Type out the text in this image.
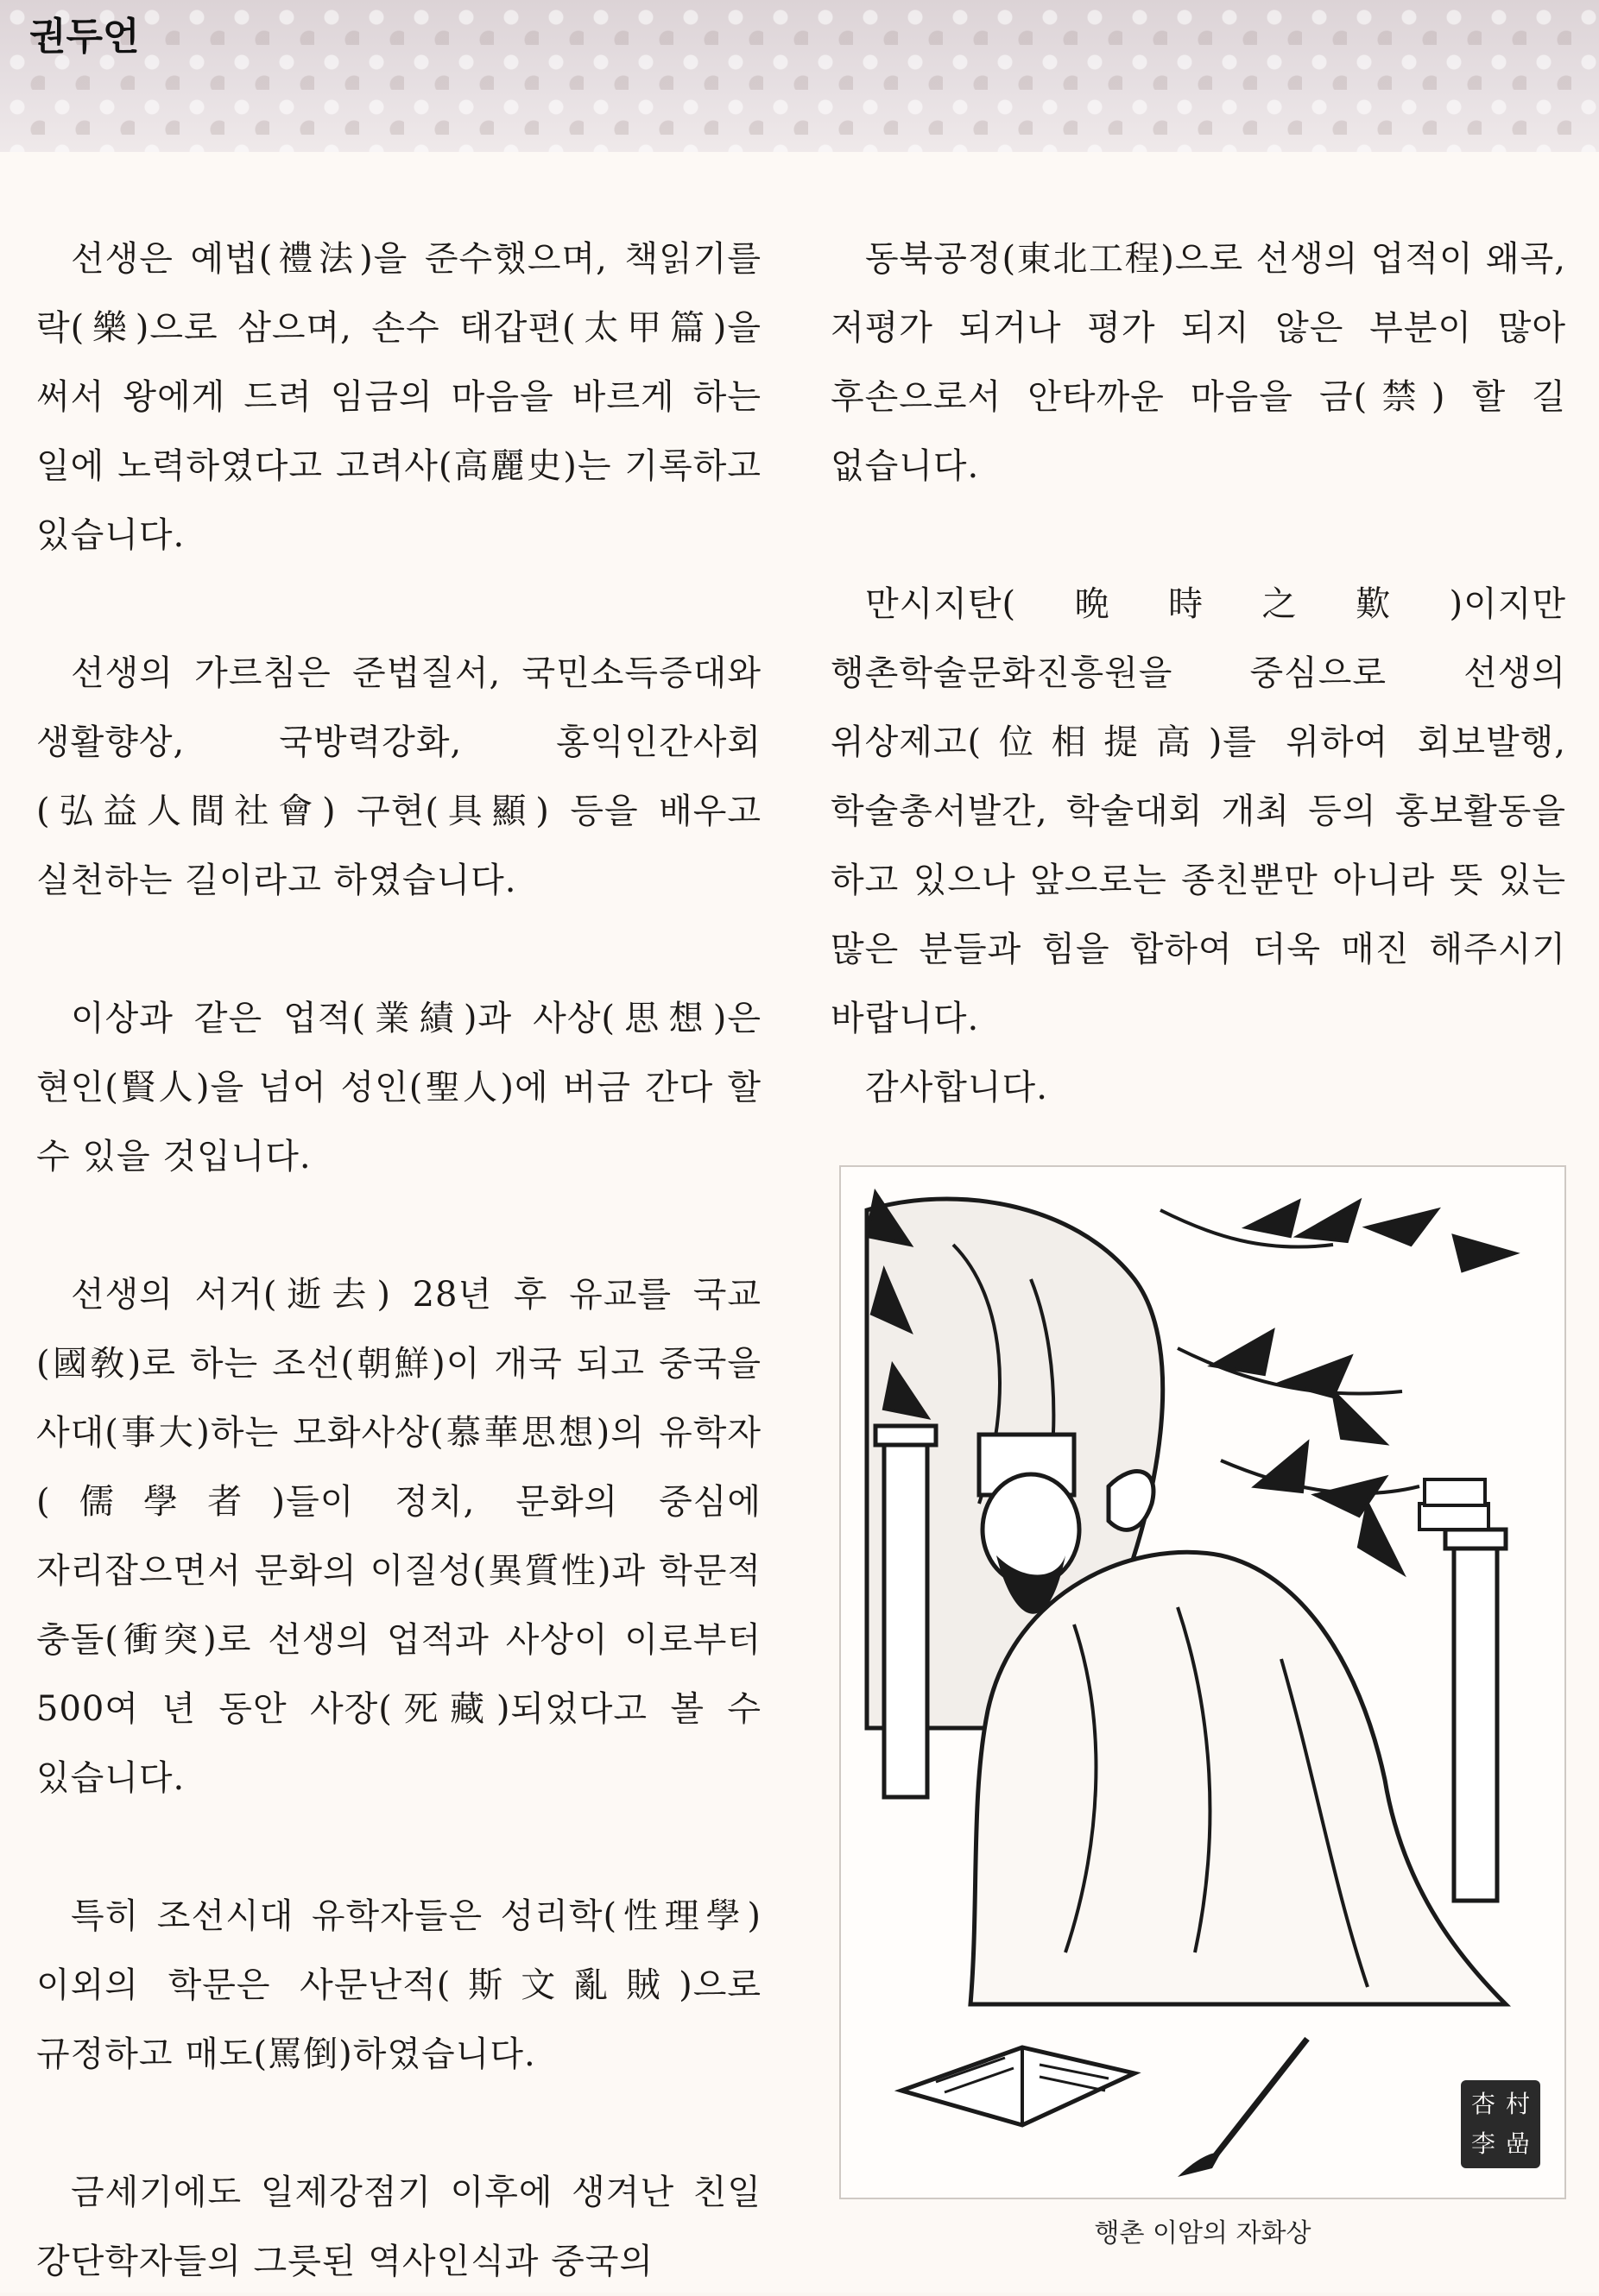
권두언

선생은 예법(禮法)을 준수했으며, 책읽기를 락(樂)으로 삼으며, 손수 태갑편(太甲篇)을 써서 왕에게 드려 임금의 마음을 바르게 하는 일에 노력하였다고 고려사(高麗史)는 기록하고 있습니다.

선생의 가르침은 준법질서, 국민소득증대와 생활향상, 국방력강화, 홍익인간사회(弘益人間社會) 구현(具顯) 등을 배우고 실천하는 길이라고 하였습니다.

이상과 같은 업적(業績)과 사상(思想)은 현인(賢人)을 넘어 성인(聖人)에 버금 간다 할 수 있을 것입니다.

선생의 서거(逝去) 28년 후 유교를 국교(國敎)로 하는 조선(朝鮮)이 개국 되고 중국을 사대(事大)하는 모화사상(慕華思想)의 유학자(儒學者)들이 정치, 문화의 중심에 자리잡으면서 문화의 이질성(異質性)과 학문적 충돌(衝突)로 선생의 업적과 사상이 이로부터 500여 년 동안 사장(死藏)되었다고 볼 수 있습니다.

특히 조선시대 유학자들은 성리학(性理學) 이외의 학문은 사문난적(斯文亂賊)으로 규정하고 매도(罵倒)하였습니다.

금세기에도 일제강점기 이후에 생겨난 친일 강단학자들의 그릇된 역사인식과 중국의

동북공정(東北工程)으로 선생의 업적이 왜곡, 저평가 되거나 평가 되지 않은 부분이 많아 후손으로서 안타까운 마음을 금(禁) 할 길 없습니다.

만시지탄(晩時之歎)이지만 행촌학술문화진흥원을 중심으로 선생의 위상제고(位相提高)를 위하여 회보발행, 학술총서발간, 학술대회 개최 등의 홍보활동을 하고 있으나 앞으로는 종친뿐만 아니라 뜻 있는 많은 분들과 힘을 합하여 더욱 매진 해주시기 바랍니다.

감사합니다.

杏 村
李 嵒
행촌 이암의 자화상
